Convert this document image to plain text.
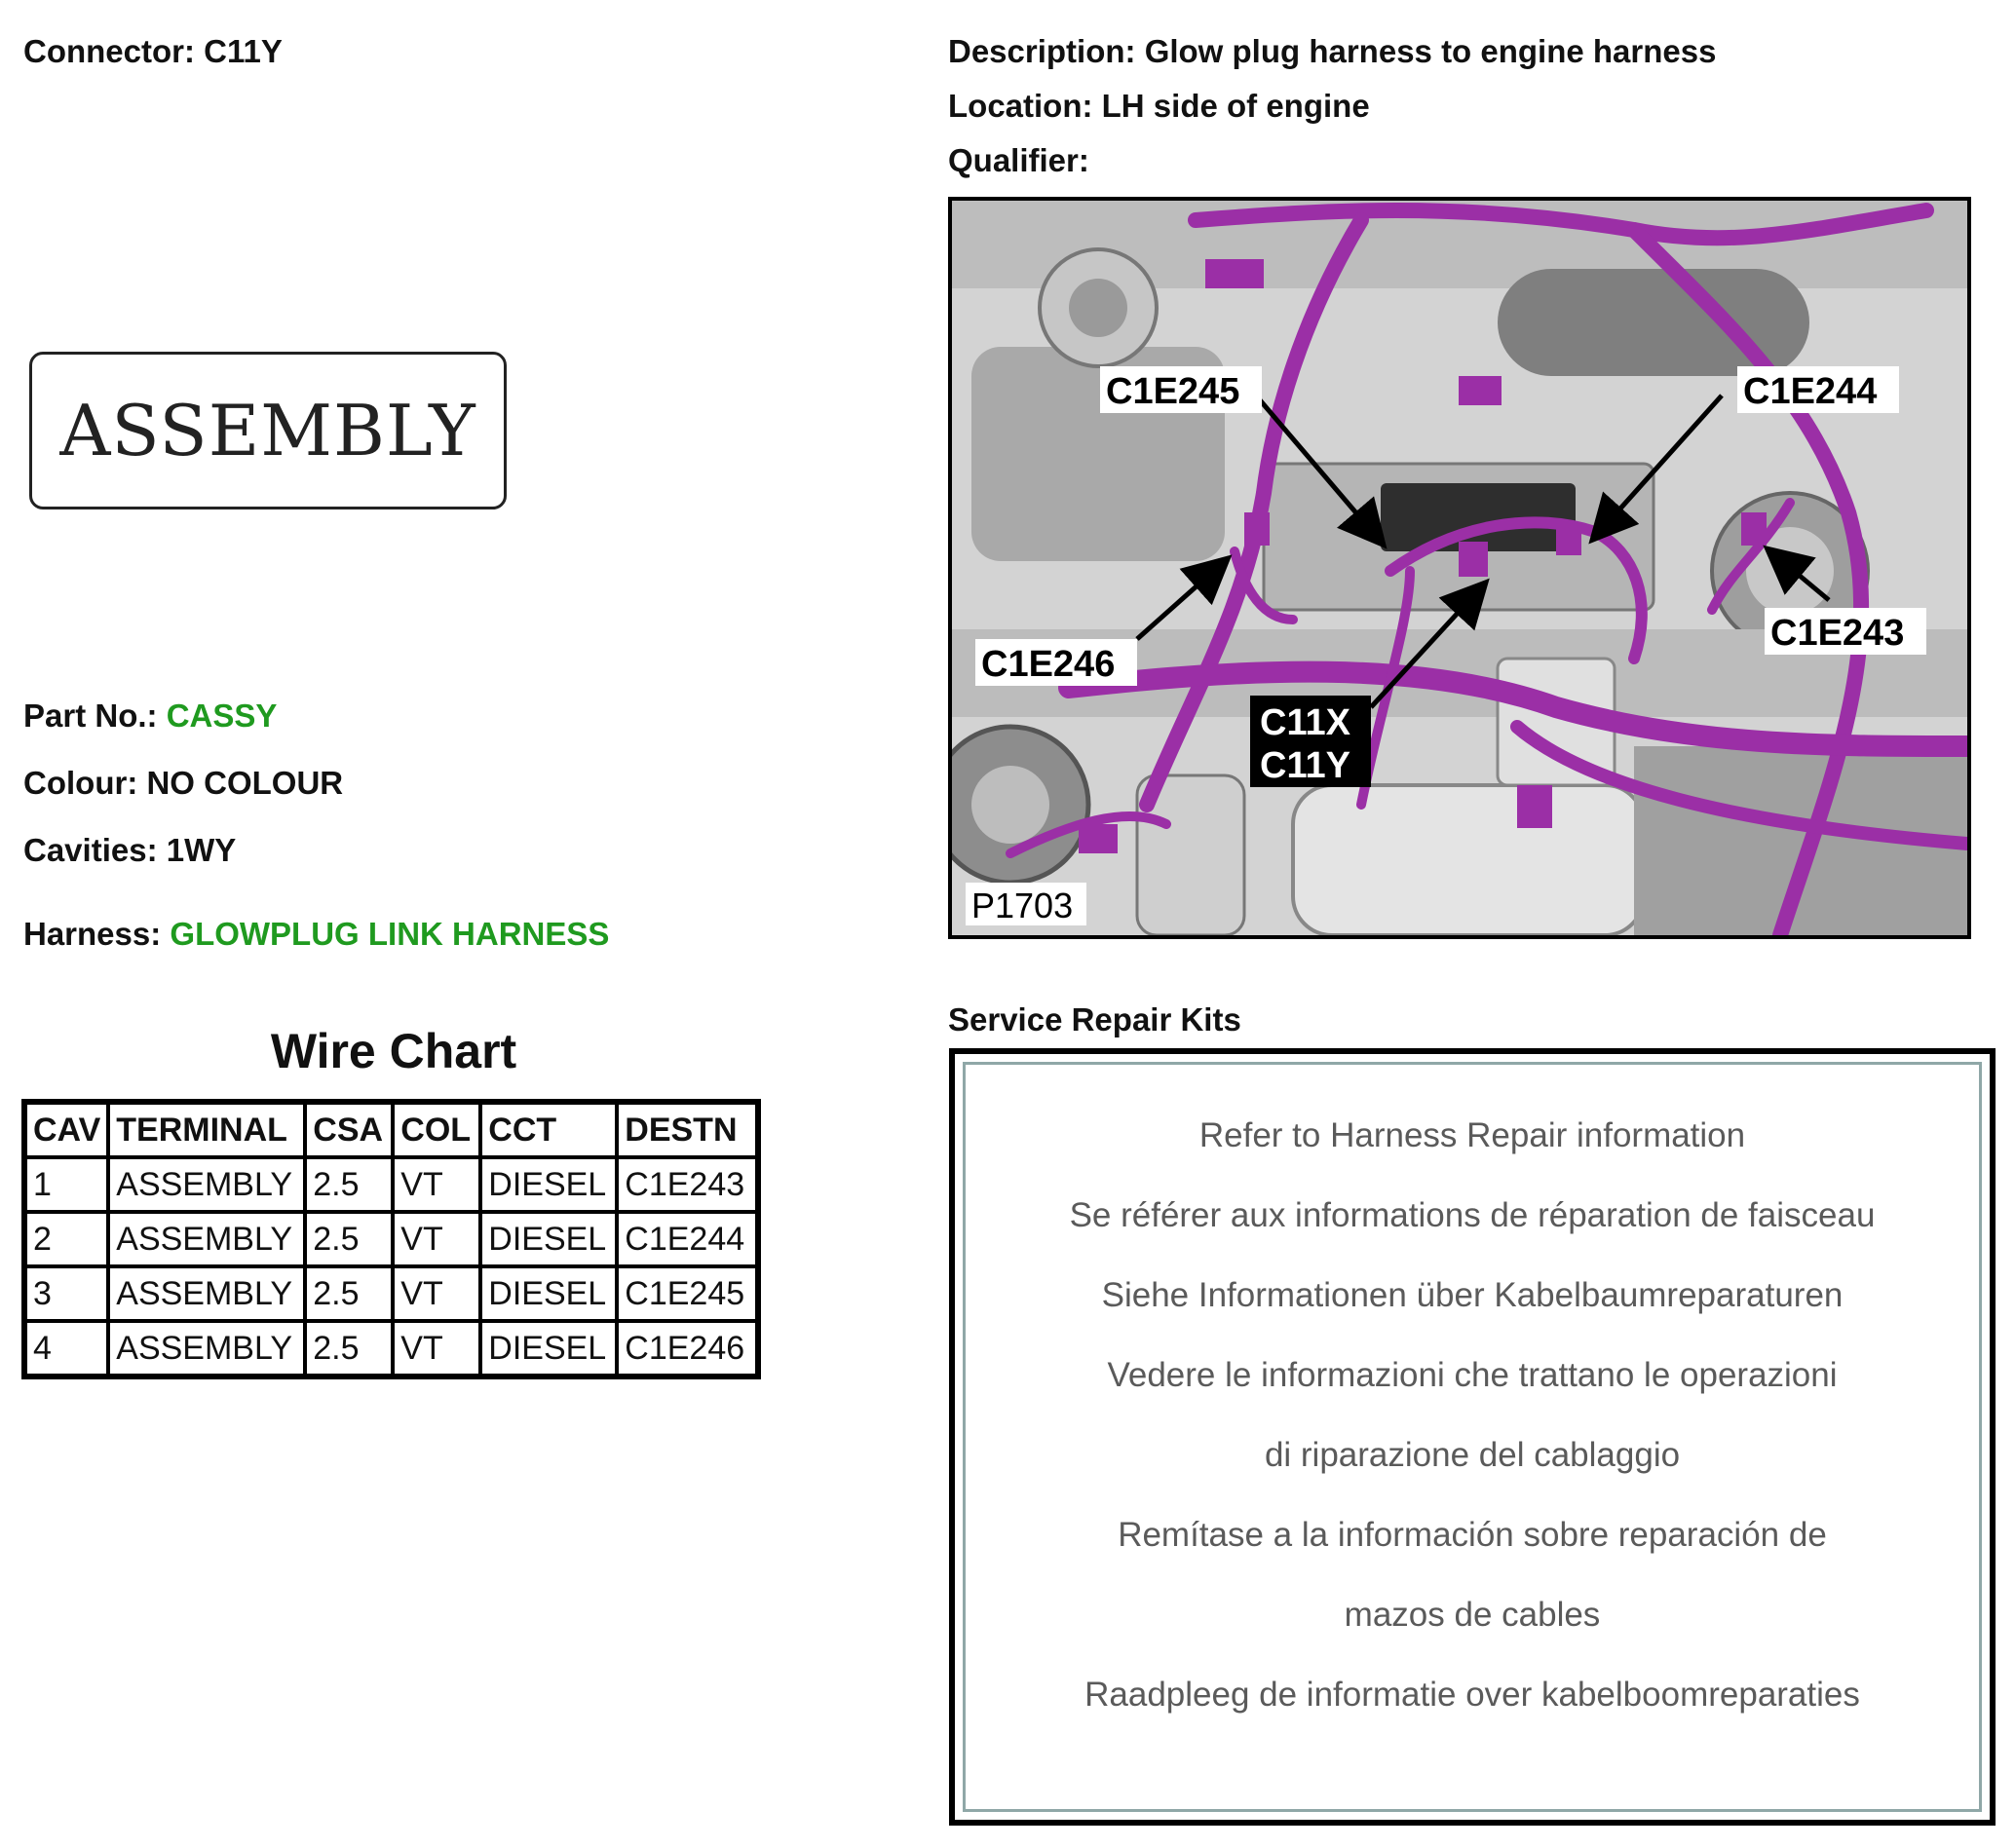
Connector: C11Y	Description: Glow plug harness to engine harness
Location: LH side of engine
Qualifier:
ASSEMBLY
Part No.: CASSY
Colour: NO COLOUR
Cavities: 1WY
Harness: GLOWPLUG LINK HARNESS
Wire Chart
CAV	TERMINAL	CSA	COL	CCT	DESTN
1	ASSEMBLY	2.5	VT	DIESEL	C1E243
2	ASSEMBLY	2.5	VT	DIESEL	C1E244
3	ASSEMBLY	2.5	VT	DIESEL	C1E245
4	ASSEMBLY	2.5	VT	DIESEL	C1E246
C1E245	C1E244
C1E246
C1E243
C11X
C11Y
P1703
Service Repair Kits
Refer to Harness Repair information
Se référer aux informations de réparation de faisceau
Siehe Informationen über Kabelbaumreparaturen
Vedere le informazioni che trattano le operazioni
di riparazione del cablaggio
Remítase a la información sobre reparación de
mazos de cables
Raadpleeg de informatie over kabelboomreparaties
